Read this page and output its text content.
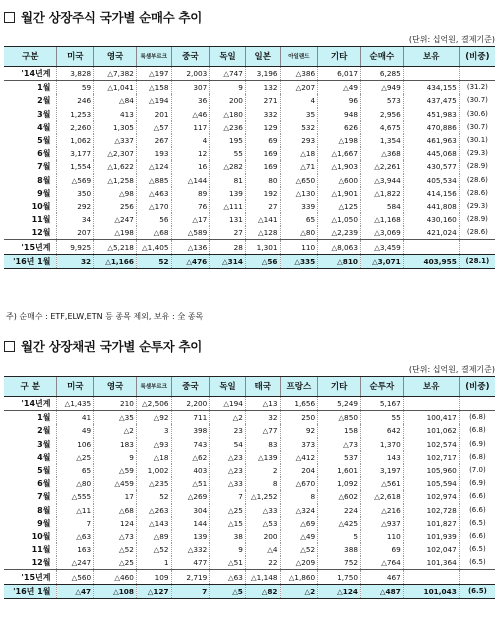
월간 상장주식 국가별 순매수 추이
(단위: 십억원, 결제기준)
구분	미국	영국	룩셈부르크	중국	독일	일본	아일랜드	기타	순매수	보유	(비중)
'14년계	3,828	△7,382	△197	2,003	△747	3,196	△386	6,017	6,285		
1월	59	△1,041	△158	307	9	132	△207	△49	△949	434,155	(31.2)
2월	246	△84	△194	36	200	271	4	96	573	437,475	(30.7)
3월	1,253	413	201	△46	△180	332	35	948	2,956	451,983	(30.6)
4월	2,260	1,305	△57	117	△236	129	532	626	4,675	470,886	(30.7)
5월	1,062	△337	267	4	195	69	293	△198	1,354	461,963	(30.1)
6월	3,177	△2,307	193	12	55	169	△18	△1,667	△368	445,068	(29.3)
7월	1,554	△1,622	△124	16	△282	169	△71	△1,903	△2,261	430,577	(28.9)
8월	△569	△1,258	△885	△144	81	80	△650	△600	△3,944	405,534	(28.6)
9월	350	△98	△463	89	139	192	△130	△1,901	△1,822	414,156	(28.6)
10월	292	256	△170	76	△111	27	339	△125	584	441,808	(29.3)
11월	34	△247	56	△17	131	△141	65	△1,050	△1,168	430,160	(28.9)
12월	207	△198	△68	△589	27	△128	△80	△2,239	△3,069	421,024	(28.6)
'15년계	9,925	△5,218	△1,405	△136	28	1,301	110	△8,063	△3,459		
'16년 1월	32	△1,166	52	△476	△314	△56	△335	△810	△3,071	403,955	(28.1)
주) 순매수 : ETF,ELW,ETN 등 종목 제외, 보유 : 全 종목
월간 상장채권 국가별 순투자 추이
(단위: 십억원, 결제기준)
구 분	미국	영국	룩셈부르크	중국	독일	태국	프랑스	기타	순투자	보유	(비중)
'14년계	△1,435	210	△2,506	2,200	△194	△13	1,656	5,249	5,167		
1월	41	△35	△92	711	△2	32	250	△850	55	100,417	(6.8)
2월	49	△2	3	398	23	△77	92	158	642	101,062	(6.8)
3월	106	183	△93	743	54	83	373	△73	1,370	102,574	(6.9)
4월	△25	9	△18	△62	△23	△139	△412	537	143	102,717	(6.8)
5월	65	△59	1,002	403	△23	2	204	1,601	3,197	105,960	(7.0)
6월	△80	△459	△235	△51	△33	8	△670	1,092	△561	105,594	(6.9)
7월	△555	17	52	△269	7	△1,252	8	△602	△2,618	102,974	(6.6)
8월	△11	△68	△263	304	△25	△33	△324	224	△216	102,728	(6.6)
9월	7	124	△143	144	△15	△53	△69	△425	△937	101,827	(6.5)
10월	△63	△73	△89	139	38	200	△49	5	110	101,939	(6.6)
11월	163	△52	△52	△332	9	△4	△52	388	69	102,047	(6.5)
12월	△247	△25	1	477	△51	22	△209	752	△764	101,364	(6.5)
'15년계	△560	△460	109	2,719	△63	△1,148	△1,860	1,750	467		
'16년 1월	△47	△108	△127	7	△5	△82	△2	△124	△487	101,043	(6.5)
